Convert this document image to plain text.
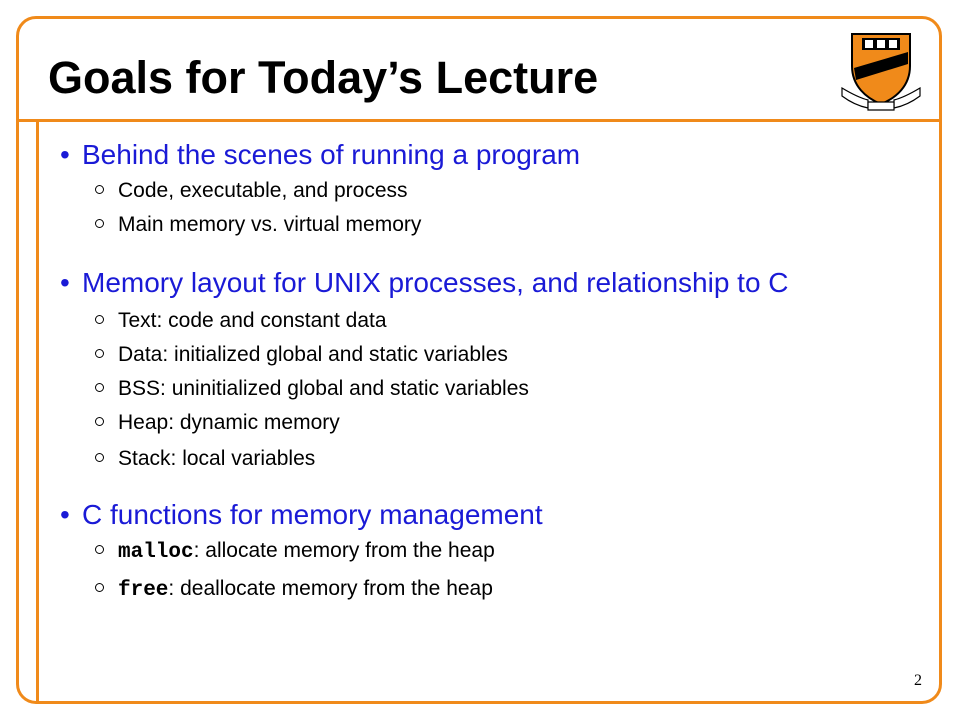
Goals for Today’s Lecture
• Behind the scenes of running a program
Code, executable, and process
Main memory vs. virtual memory
• Memory layout for UNIX processes, and relationship to C
Text: code and constant data
Data: initialized global and static variables
BSS: uninitialized global and static variables
Heap: dynamic memory
Stack: local variables
• C functions for memory management
malloc: allocate memory from the heap
free: deallocate memory from the heap
2
